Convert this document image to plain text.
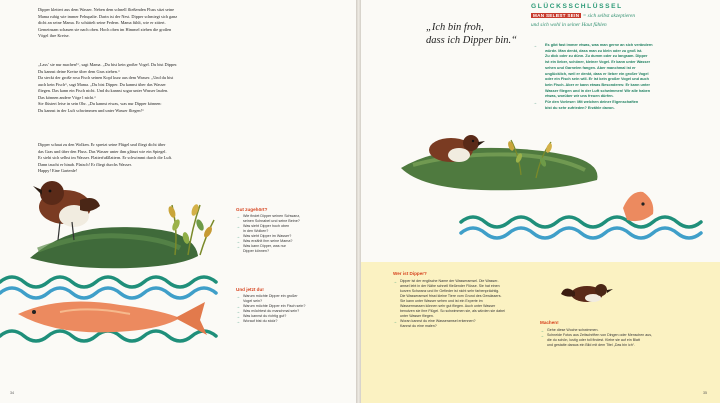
Dipper klettert aus dem Wasser. Neben dem schnell fließenden Fluss sitzt seine
Mama ruhig wie immer Fehupalte. Darin ist der Nest. Dipper schmiegt sich ganz
dicht an seine Mama. Er schüttelt seine Federn. Mama fühlt, wie er zittert.
Gemeinsam schauen sie nach oben. Hoch oben im Himmel ziehen die großen
Vögel ihre Kreise.
„Lass’ sie nur machen!“, sagt Mama. „Du bist kein großer Vogel. Du bist Dipper.
Du kannst deine Kreise über dem Gras ziehen.“
Da steckt der große rosa Fisch seinen Kopf kurz aus dem Wasser. „Und du bist
auch kein Fisch“, sagt Mama. „Du bist Dipper. Du kannst über das Wasser
fliegen. Das kann ein Fisch nicht. Und du kannst sogar unter Wasser laufen.
Das können andere Vöge l nicht.“
Sie flüstert leise in sein Ohr. „Du kannst etwas, was nur Dipper können:
Du kannst in der Luft schwimmen und unter Wasser fliegen!“
Dipper schaut zu den Wolken. Er spreizt seine Flügel und fliegt dicht über
das Gras und über den Fluss. Das Wasser unter ihm glänzt wie ein Spiegel.
Er sieht sich selbst im Wasser. Flatterfußflattern. Er schwimmt durch die Luft.
Dann taucht er hinab. Platsch! Er fliegt durchs Wasser.
Happy! Eine Gartenle!
Gut zugehört?
→ Wie findet Dipper seinen Schwanz,
seinen Schnabel und seine Beine?
→ Was sieht Dipper hoch oben
in den Wolken?
→ Was sieht Dipper im Wasser?
→ Was erzählt ihm seine Mama?
→ Was kann Dipper, was nur
Dipper können?
Und jetzt du!
→ Warum möchte Dipper ein großer
Vogel sein?
→ Warum möchte Dipper ein Fisch sein?
→ Was möchtest du manchmal sein?
→ Was kannst du richtig gut?
→ Worauf bist du stolz?
34
„Ich bin froh,
dass ich Dipper bin.“
GLÜCKSSCHLÜSSEL
MAN SELBST SEIN = sich selbst akzeptieren
und sich wohl in seiner Haut fühlen
→ Es gibt fast immer etwas, was man gerne an sich verändern
würde. Man denkt, dass man zu klein oder zu groß ist.
Zu dick oder zu dünn. Zu dumm oder zu langsam. Dipper
ist ein lieber, schöner, kleiner Vogel. Er kann unter Wasser
sehen und Garnelen fangen. Aber manchmal ist er
unglücklich, weil er denkt, dass er lieber ein großer Vogel
oder ein Fisch sein will. Er ist kein großer Vogel und auch
kein Fisch. Aber er kann etwas Besonderes: Er kann unter
Wasser fliegen und in der Luft schwimmen! Wir alle haben
etwas, worüber wir uns freuen dürfen.
→ Für den Vorleser: Mit welchen deiner Eigenschaften
bist du sehr zufrieden? Erzähle davon.
Wer ist Dipper?
→ Dipper ist der englische Name der Wasseramsel. Die Wasser-
amsel lebt in der Nähe schnell fließender Flüsse. Sie hat einen
kurzen Schwanz und ihr Gefieder ist nicht sehr farbenprächtig.
Die Wasseramsel frisst kleine Tiere vom Grund des Gewässers.
Sie kann unter Wasser sehen und ist ein Experte im
Wassermassen können sehr gut fliegen. Auch unter Wasser
benutzen sie ihre Flügel. So schwimmen sie, als würden sie dabei
unter Wasser fliegen.
→ Woran kannst du eine Wasseramsel erkennen?
Kannst du eine malen?
Machen!
→ Gehe diese Woche schwimmen.
→ Schneide Fotos aus Zeitschriften von Dingen oder Menschen aus,
die du schön, lustig oder toll findest. Klebe sie auf ein Blatt
und gestalte daraus ein Bild mit dem Titel „Das bin ich“.
35
